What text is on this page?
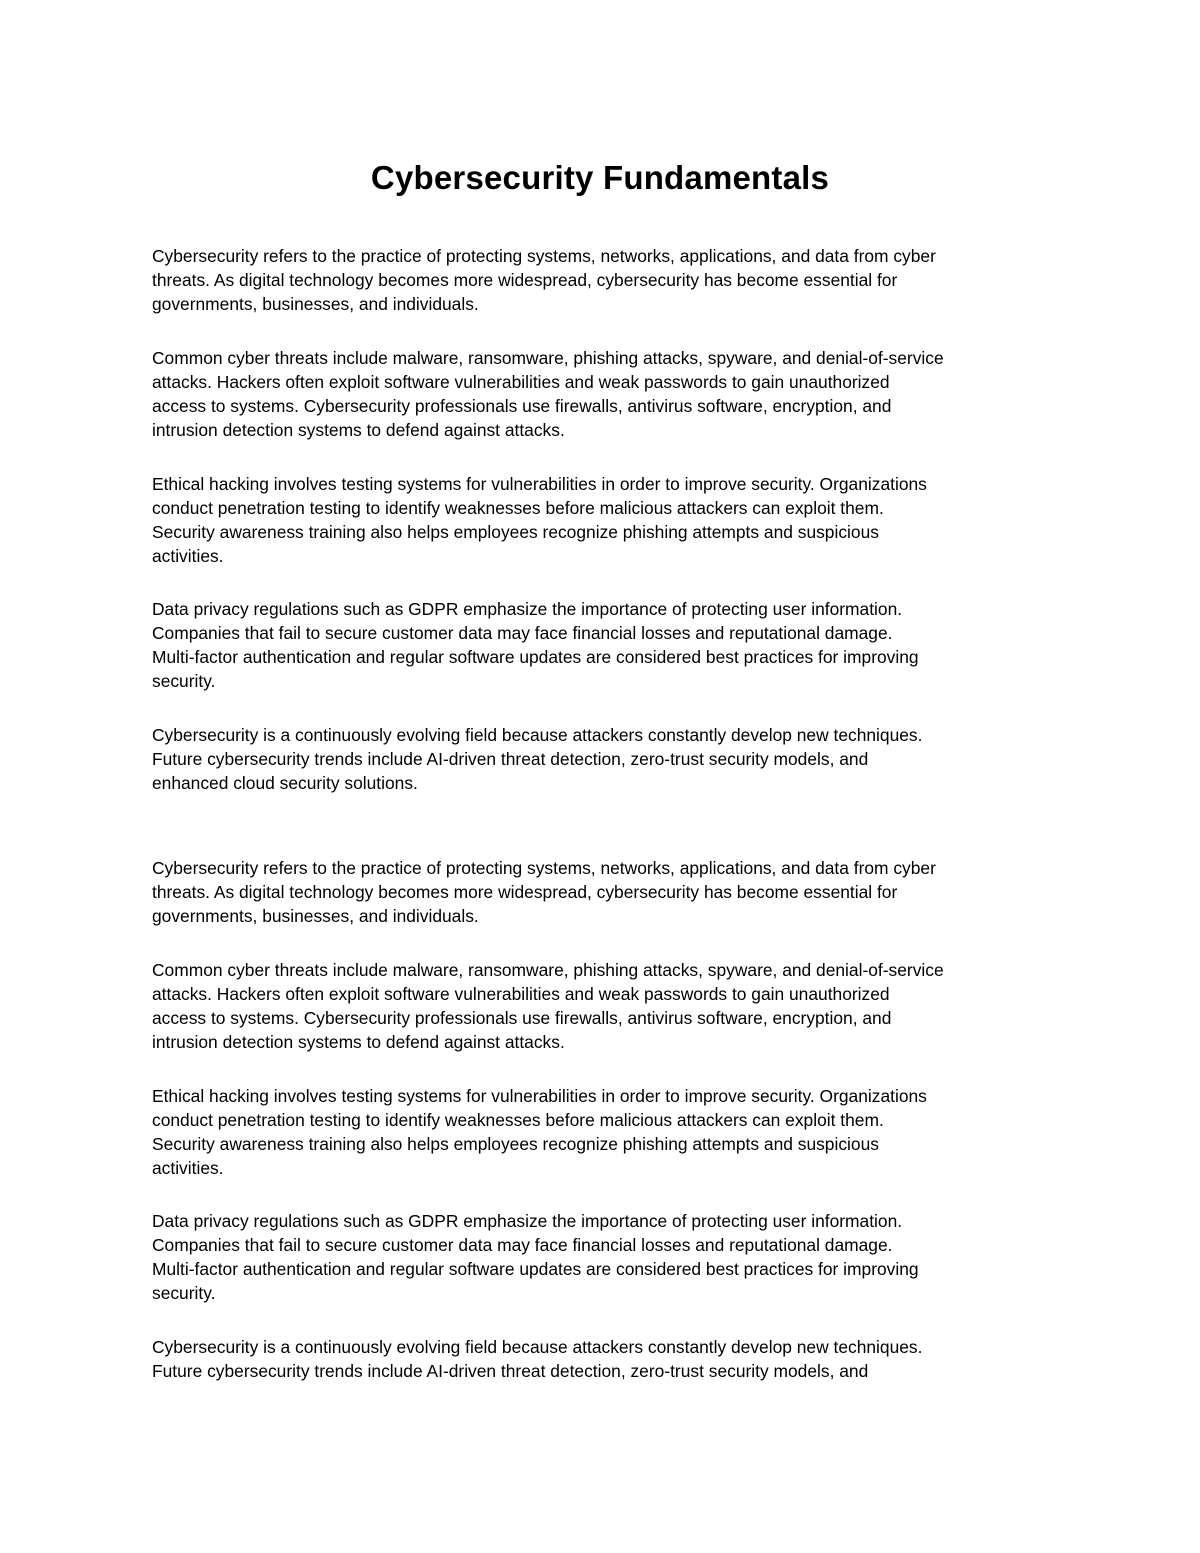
Cybersecurity Fundamentals

Cybersecurity refers to the practice of protecting systems, networks, applications, and data from cyber
threats. As digital technology becomes more widespread, cybersecurity has become essential for
governments, businesses, and individuals.

Common cyber threats include malware, ransomware, phishing attacks, spyware, and denial-of-service
attacks. Hackers often exploit software vulnerabilities and weak passwords to gain unauthorized
access to systems. Cybersecurity professionals use firewalls, antivirus software, encryption, and
intrusion detection systems to defend against attacks.

Ethical hacking involves testing systems for vulnerabilities in order to improve security. Organizations
conduct penetration testing to identify weaknesses before malicious attackers can exploit them.
Security awareness training also helps employees recognize phishing attempts and suspicious
activities.

Data privacy regulations such as GDPR emphasize the importance of protecting user information.
Companies that fail to secure customer data may face financial losses and reputational damage.
Multi-factor authentication and regular software updates are considered best practices for improving
security.

Cybersecurity is a continuously evolving field because attackers constantly develop new techniques.
Future cybersecurity trends include AI-driven threat detection, zero-trust security models, and
enhanced cloud security solutions.

Cybersecurity refers to the practice of protecting systems, networks, applications, and data from cyber
threats. As digital technology becomes more widespread, cybersecurity has become essential for
governments, businesses, and individuals.

Common cyber threats include malware, ransomware, phishing attacks, spyware, and denial-of-service
attacks. Hackers often exploit software vulnerabilities and weak passwords to gain unauthorized
access to systems. Cybersecurity professionals use firewalls, antivirus software, encryption, and
intrusion detection systems to defend against attacks.

Ethical hacking involves testing systems for vulnerabilities in order to improve security. Organizations
conduct penetration testing to identify weaknesses before malicious attackers can exploit them.
Security awareness training also helps employees recognize phishing attempts and suspicious
activities.

Data privacy regulations such as GDPR emphasize the importance of protecting user information.
Companies that fail to secure customer data may face financial losses and reputational damage.
Multi-factor authentication and regular software updates are considered best practices for improving
security.

Cybersecurity is a continuously evolving field because attackers constantly develop new techniques.
Future cybersecurity trends include AI-driven threat detection, zero-trust security models, and
